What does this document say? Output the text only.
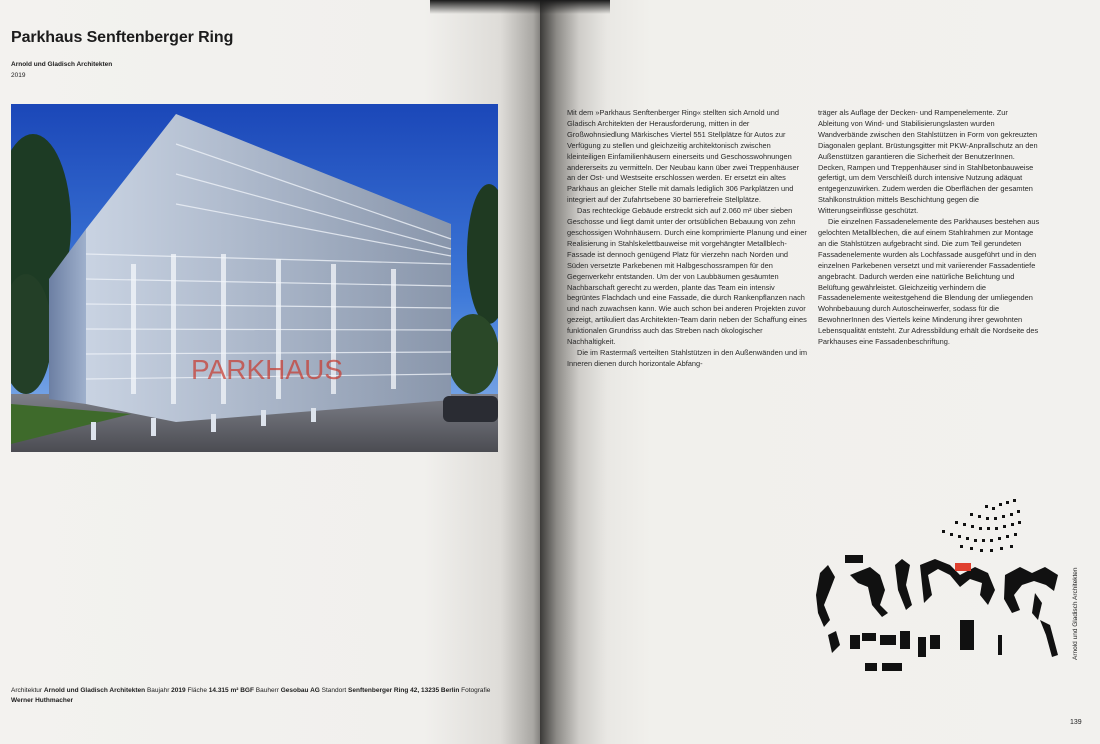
Parkhaus Senftenberger Ring
Arnold und Gladisch Architekten
2019
PARKHAUS
Architektur Arnold und Gladisch Architekten Baujahr 2019 Fläche 14.315 m² BGF Bauherr Gesobau AG Standort Senftenberger Ring 42, 13235 Berlin Fotografie
Werner Huthmacher

Mit dem »Parkhaus Senftenberger Ring« stellten sich Arnold und Gladisch Architekten der Herausforderung, mitten in der Großwohnsiedlung Märkisches Viertel 551 Stellplätze für Autos zur Verfügung zu stellen und gleichzeitig architektonisch zwischen kleinteiligen Einfamilienhäusern einerseits und Geschosswohnungen andererseits zu vermitteln. Der Neubau kann über zwei Treppenhäuser an der Ost- und Westseite erschlossen werden. Er ersetzt ein altes Parkhaus an gleicher Stelle mit damals lediglich 306 Parkplätzen und integriert auf der Zufahrtsebene 30 barrierefreie Stellplätze.

Das rechteckige Gebäude erstreckt sich auf 2.060 m² über sieben Geschosse und liegt damit unter der ortsüblichen Bebauung von zehn geschossigen Wohnhäusern. Durch eine komprimierte Planung und einer Realisierung in Stahlskelettbauweise mit vorgehängter Metallblech-Fassade ist dennoch genügend Platz für vierzehn nach Norden und Süden versetzte Parkebenen mit Halbgeschossrampen für den Gegenverkehr entstanden. Um der von Laubbäumen gesäumten Nachbarschaft gerecht zu werden, plante das Team ein intensiv begrüntes Flachdach und eine Fassade, die durch Rankenpflanzen nach und nach zuwachsen kann. Wie auch schon bei anderen Projekten zuvor gezeigt, artikuliert das Architekten-Team darin neben der Schaffung eines funktionalen Grundriss auch das Streben nach ökologischer Nachhaltigkeit.

Die im Rastermaß verteilten Stahlstützen in den Außenwänden und im Inneren dienen durch horizontale Abfang-

träger als Auflage der Decken- und Rampenelemente. Zur Ableitung von Wind- und Stabilisierungslasten wurden Wandverbände zwischen den Stahlstützen in Form von gekreuzten Diagonalen geplant. Brüstungsgitter mit PKW-Anprallschutz an den Außenstützen garantieren die Sicherheit der BenutzerInnen. Decken, Rampen und Treppenhäuser sind in Stahlbetonbauweise gefertigt, um dem Verschleiß durch intensive Nutzung adäquat entgegenzuwirken. Zudem werden die Oberflächen der gesamten Stahlkonstruktion mittels Beschichtung gegen die Witterungseinflüsse geschützt.

Die einzelnen Fassadenelemente des Parkhauses bestehen aus gelochten Metallblechen, die auf einem Stahlrahmen zur Montage an die Stahlstützen aufgebracht sind. Die zum Teil gerundeten Fassadenelemente wurden als Lochfassade ausgeführt und in den einzelnen Parkebenen versetzt und mit variierender Fassadentiefe angebracht. Dadurch werden eine natürliche Belichtung und Belüftung gewährleistet. Gleichzeitig verhindern die Fassadenelemente weitestgehend die Blendung der umliegenden Wohnbebauung durch Autoscheinwerfer, sodass für die BewohnerInnen des Viertels keine Minderung ihrer gewohnten Lebensqualität entsteht. Zur Adressbildung erhält die Nordseite des Parkhauses eine Fassadenbeschriftung.

Arnold und Gladisch Architekten
139
